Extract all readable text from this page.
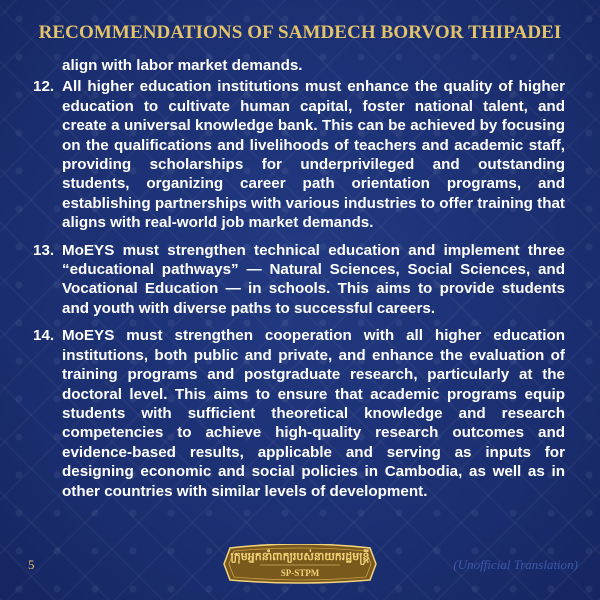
RECOMMENDATIONS OF SAMDECH BORVOR THIPADEI
align with labor market demands.
12. All higher education institutions must enhance the quality of higher education to cultivate human capital, foster national talent, and create a universal knowledge bank. This can be achieved by focusing on the qualifications and livelihoods of teachers and academic staff, providing scholarships for underprivileged and outstanding students, organizing career path orientation programs, and establishing partnerships with various industries to offer training that aligns with real-world job market demands.
13. MoEYS must strengthen technical education and implement three “educational pathways” — Natural Sciences, Social Sciences, and Vocational Education — in schools. This aims to provide students and youth with diverse paths to successful careers.
14. MoEYS must strengthen cooperation with all higher education institutions, both public and private, and enhance the evaluation of training programs and postgraduate research, particularly at the doctoral level. This aims to ensure that academic programs equip students with sufficient theoretical knowledge and research competencies to achieve high-quality research outcomes and evidence-based results, applicable and serving as inputs for designing economic and social policies in Cambodia, as well as in other countries with similar levels of development.
5
ក្រុមអ្នកនាំពាក្យរបស់នាយករដ្ឋមន្ត្រី
SP-STPM
(Unofficial Translation)
